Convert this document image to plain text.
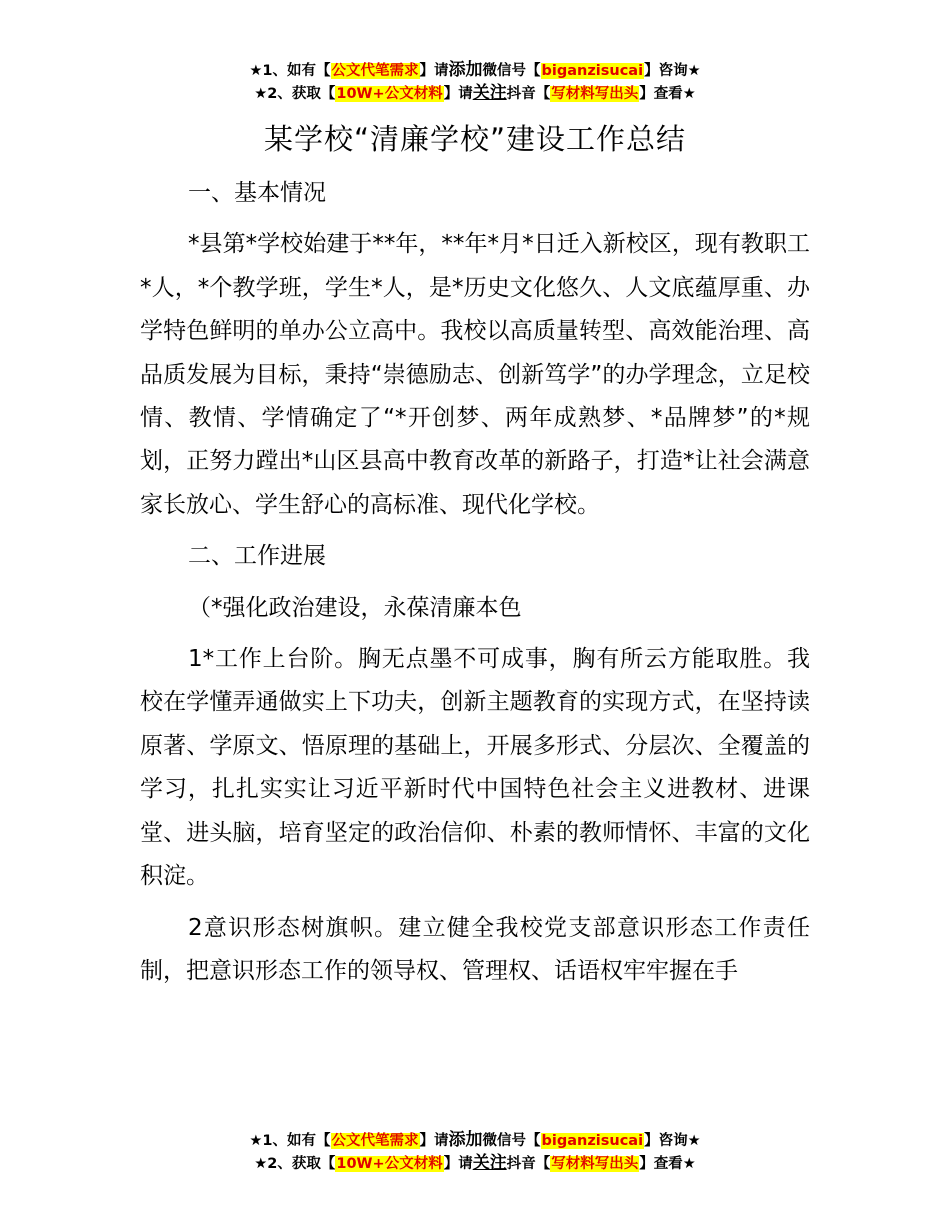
★1、如有【公文代笔需求】请添加微信号【biganzisucai】咨询★
★2、获取【10W+公文材料】请关注抖音【写材料写出头】查看★
某学校“清廉学校”建设工作总结

一、基本情况

*县第*学校始建于**年，**年*月*日迁入新校区，现有教职工*人，*个教学班，学生*人，是*历史文化悠久、人文底蕴厚重、办学特色鲜明的单办公立高中。我校以高质量转型、高效能治理、高品质发展为目标，秉持“崇德励志、创新笃学”的办学理念，立足校情、教情、学情确定了“*开创梦、两年成熟梦、*品牌梦”的*规划，正努力蹚出*山区县高中教育改革的新路子，打造*让社会满意家长放心、学生舒心的高标准、现代化学校。

二、工作进展

（*强化政治建设，永葆清廉本色

1*工作上台阶。胸无点墨不可成事，胸有所云方能取胜。我校在学懂弄通做实上下功夫，创新主题教育的实现方式，在坚持读原著、学原文、悟原理的基础上，开展多形式、分层次、全覆盖的学习，扎扎实实让习近平新时代中国特色社会主义进教材、进课堂、进头脑，培育坚定的政治信仰、朴素的教师情怀、丰富的文化积淀。

2意识形态树旗帜。建立健全我校党支部意识形态工作责任制，把意识形态工作的领导权、管理权、话语权牢牢握在手

★1、如有【公文代笔需求】请添加微信号【biganzisucai】咨询★
★2、获取【10W+公文材料】请关注抖音【写材料写出头】查看★
